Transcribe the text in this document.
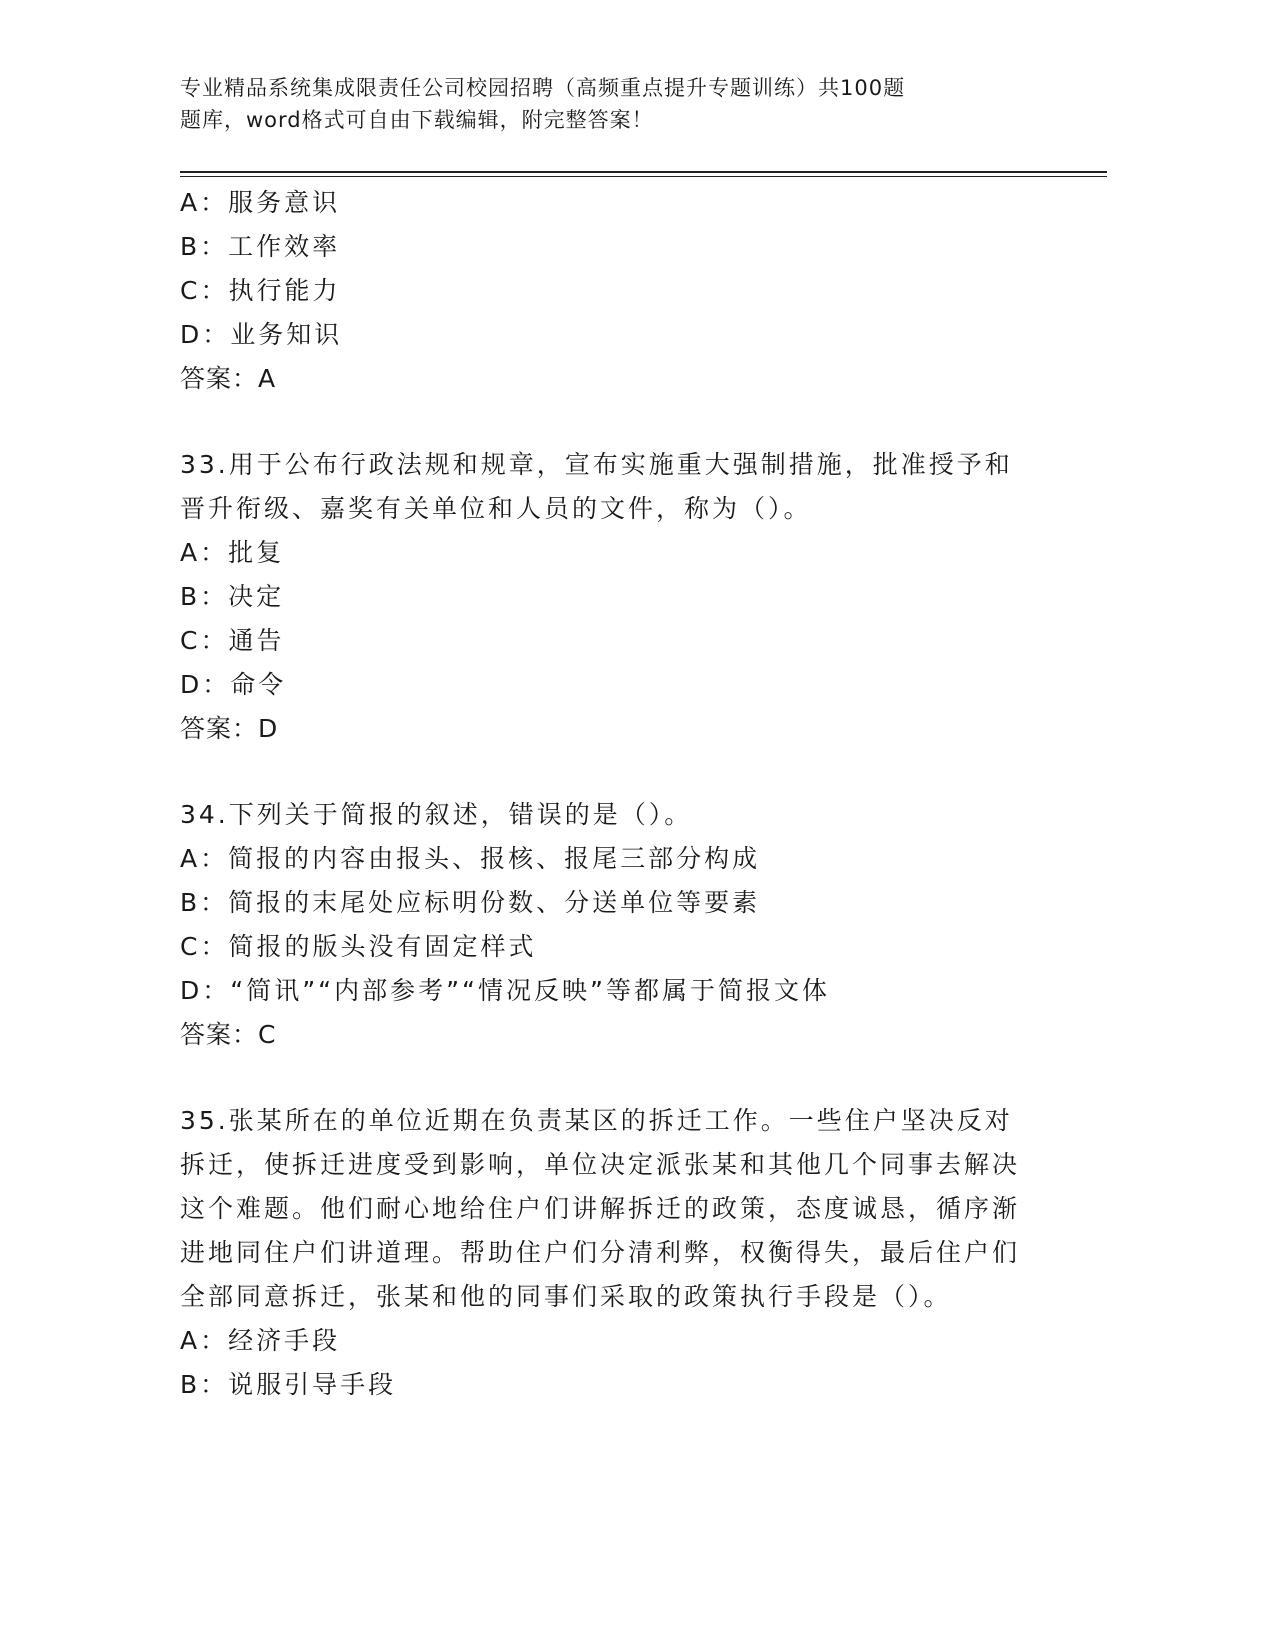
专业精品系统集成限责任公司校园招聘（高频重点提升专题训练）共100题
题库，word格式可自由下载编辑，附完整答案！
A：服务意识
B：工作效率
C：执行能力
D：业务知识
答案：A
33.用于公布行政法规和规章，宣布实施重大强制措施，批准授予和晋升衔级、嘉奖有关单位和人员的文件，称为（）。
A：批复
B：决定
C：通告
D：命令
答案：D
34.下列关于简报的叙述，错误的是（）。
A：简报的内容由报头、报核、报尾三部分构成
B：简报的末尾处应标明份数、分送单位等要素
C：简报的版头没有固定样式
D：“简讯”“内部参考”“情况反映”等都属于简报文体
答案：C
35.张某所在的单位近期在负责某区的拆迁工作。一些住户坚决反对拆迁，使拆迁进度受到影响，单位决定派张某和其他几个同事去解决这个难题。他们耐心地给住户们讲解拆迁的政策，态度诚恳，循序渐进地同住户们讲道理。帮助住户们分清利弊，权衡得失，最后住户们全部同意拆迁，张某和他的同事们采取的政策执行手段是（）。
A：经济手段
B：说服引导手段
